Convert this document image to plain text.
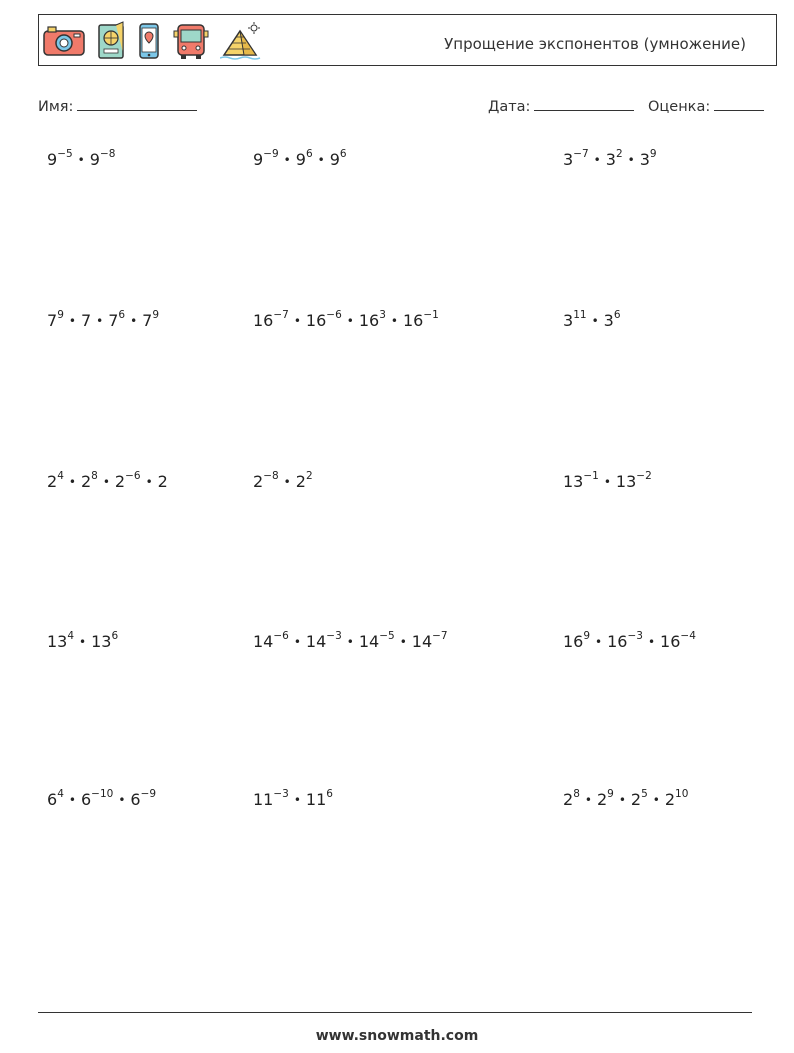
Упрощение экспонентов (умножение)
Имя:	Дата:	Оценка:
$9^{-5}$ • $9^{-8}$	$9^{-9}$ • $9^6$ • $9^6$	$3^{-7}$ • $3^2$ • $3^9$
$7^9$ • 7 • $7^6$ • $7^9$	$16^{-7}$ • $16^{-6}$ • $16^3$ • $16^{-1}$	$3^{11}$ • $3^6$
$2^4$ • $2^8$ • $2^{-6}$ • 2	$2^{-8}$ • $2^2$	$13^{-1}$ • $13^{-2}$
$13^4$ • $13^6$	$14^{-6}$ • $14^{-3}$ • $14^{-5}$ • $14^{-7}$	$16^9$ • $16^{-3}$ • $16^{-4}$
$6^4$ • $6^{-10}$ • $6^{-9}$	$11^{-3}$ • $11^6$	$2^8$ • $2^9$ • $2^5$ • $2^{10}$
www.snowmath.com
